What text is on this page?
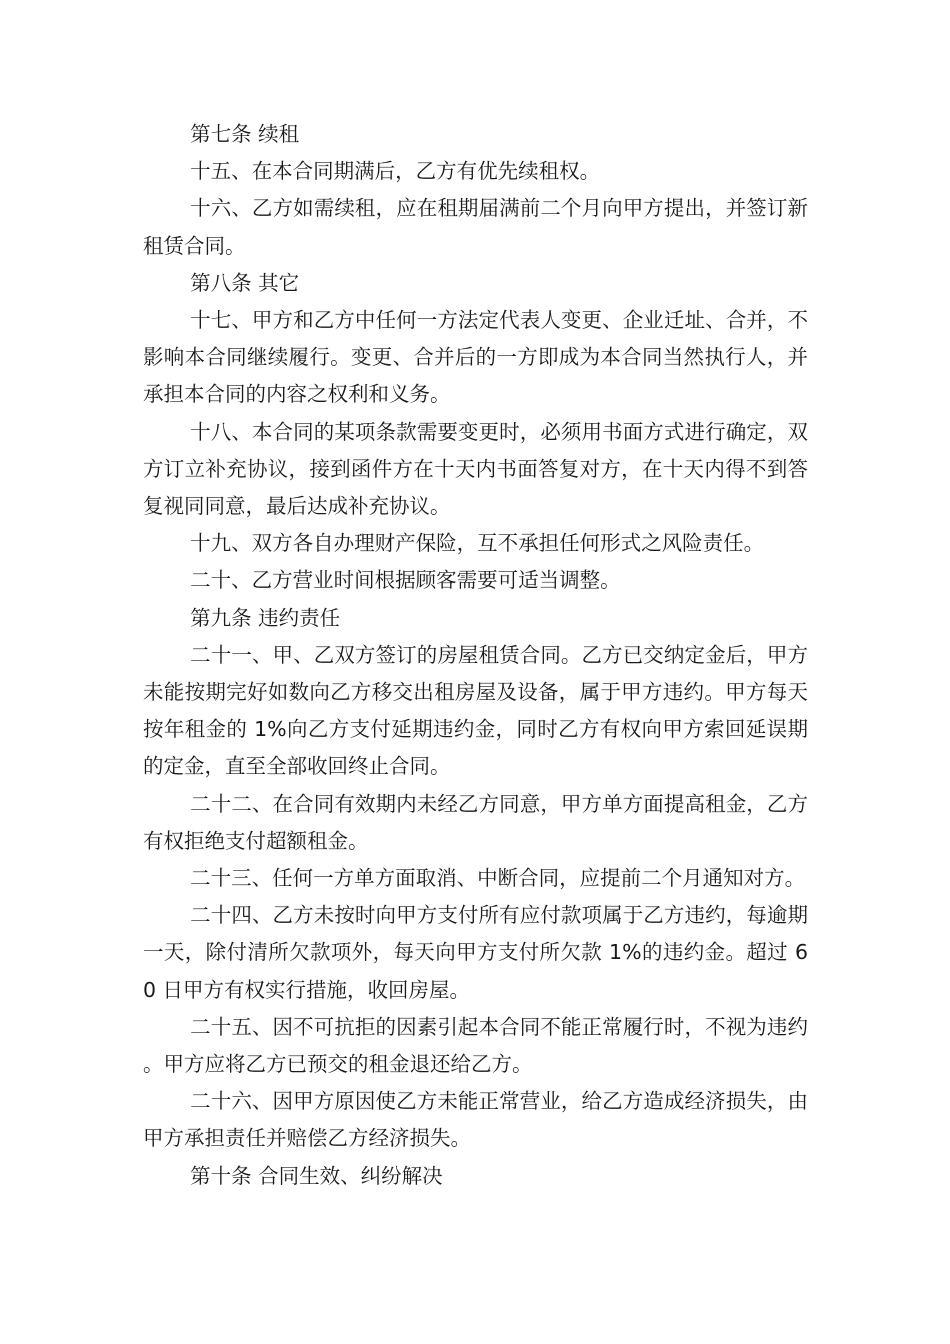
第七条 续租

十五、在本合同期满后，乙方有优先续租权。

十六、乙方如需续租，应在租期届满前二个月向甲方提出，并签订新租赁合同。

第八条 其它

十七、甲方和乙方中任何一方法定代表人变更、企业迁址、合并，不影响本合同继续履行。变更、合并后的一方即成为本合同当然执行人，并承担本合同的内容之权利和义务。

十八、本合同的某项条款需要变更时，必须用书面方式进行确定，双方订立补充协议，接到函件方在十天内书面答复对方，在十天内得不到答复视同同意，最后达成补充协议。

十九、双方各自办理财产保险，互不承担任何形式之风险责任。

二十、乙方营业时间根据顾客需要可适当调整。

第九条 违约责任

二十一、甲、乙双方签订的房屋租赁合同。乙方已交纳定金后，甲方未能按期完好如数向乙方移交出租房屋及设备，属于甲方违约。甲方每天按年租金的 1%向乙方支付延期违约金，同时乙方有权向甲方索回延误期的定金，直至全部收回终止合同。

二十二、在合同有效期内未经乙方同意，甲方单方面提高租金，乙方有权拒绝支付超额租金。

二十三、任何一方单方面取消、中断合同，应提前二个月通知对方。

二十四、乙方未按时向甲方支付所有应付款项属于乙方违约，每逾期一天，除付清所欠款项外，每天向甲方支付所欠款 1%的违约金。超过 60 日甲方有权实行措施，收回房屋。

二十五、因不可抗拒的因素引起本合同不能正常履行时，不视为违约。甲方应将乙方已预交的租金退还给乙方。

二十六、因甲方原因使乙方未能正常营业，给乙方造成经济损失，由甲方承担责任并赔偿乙方经济损失。

第十条 合同生效、纠纷解决
